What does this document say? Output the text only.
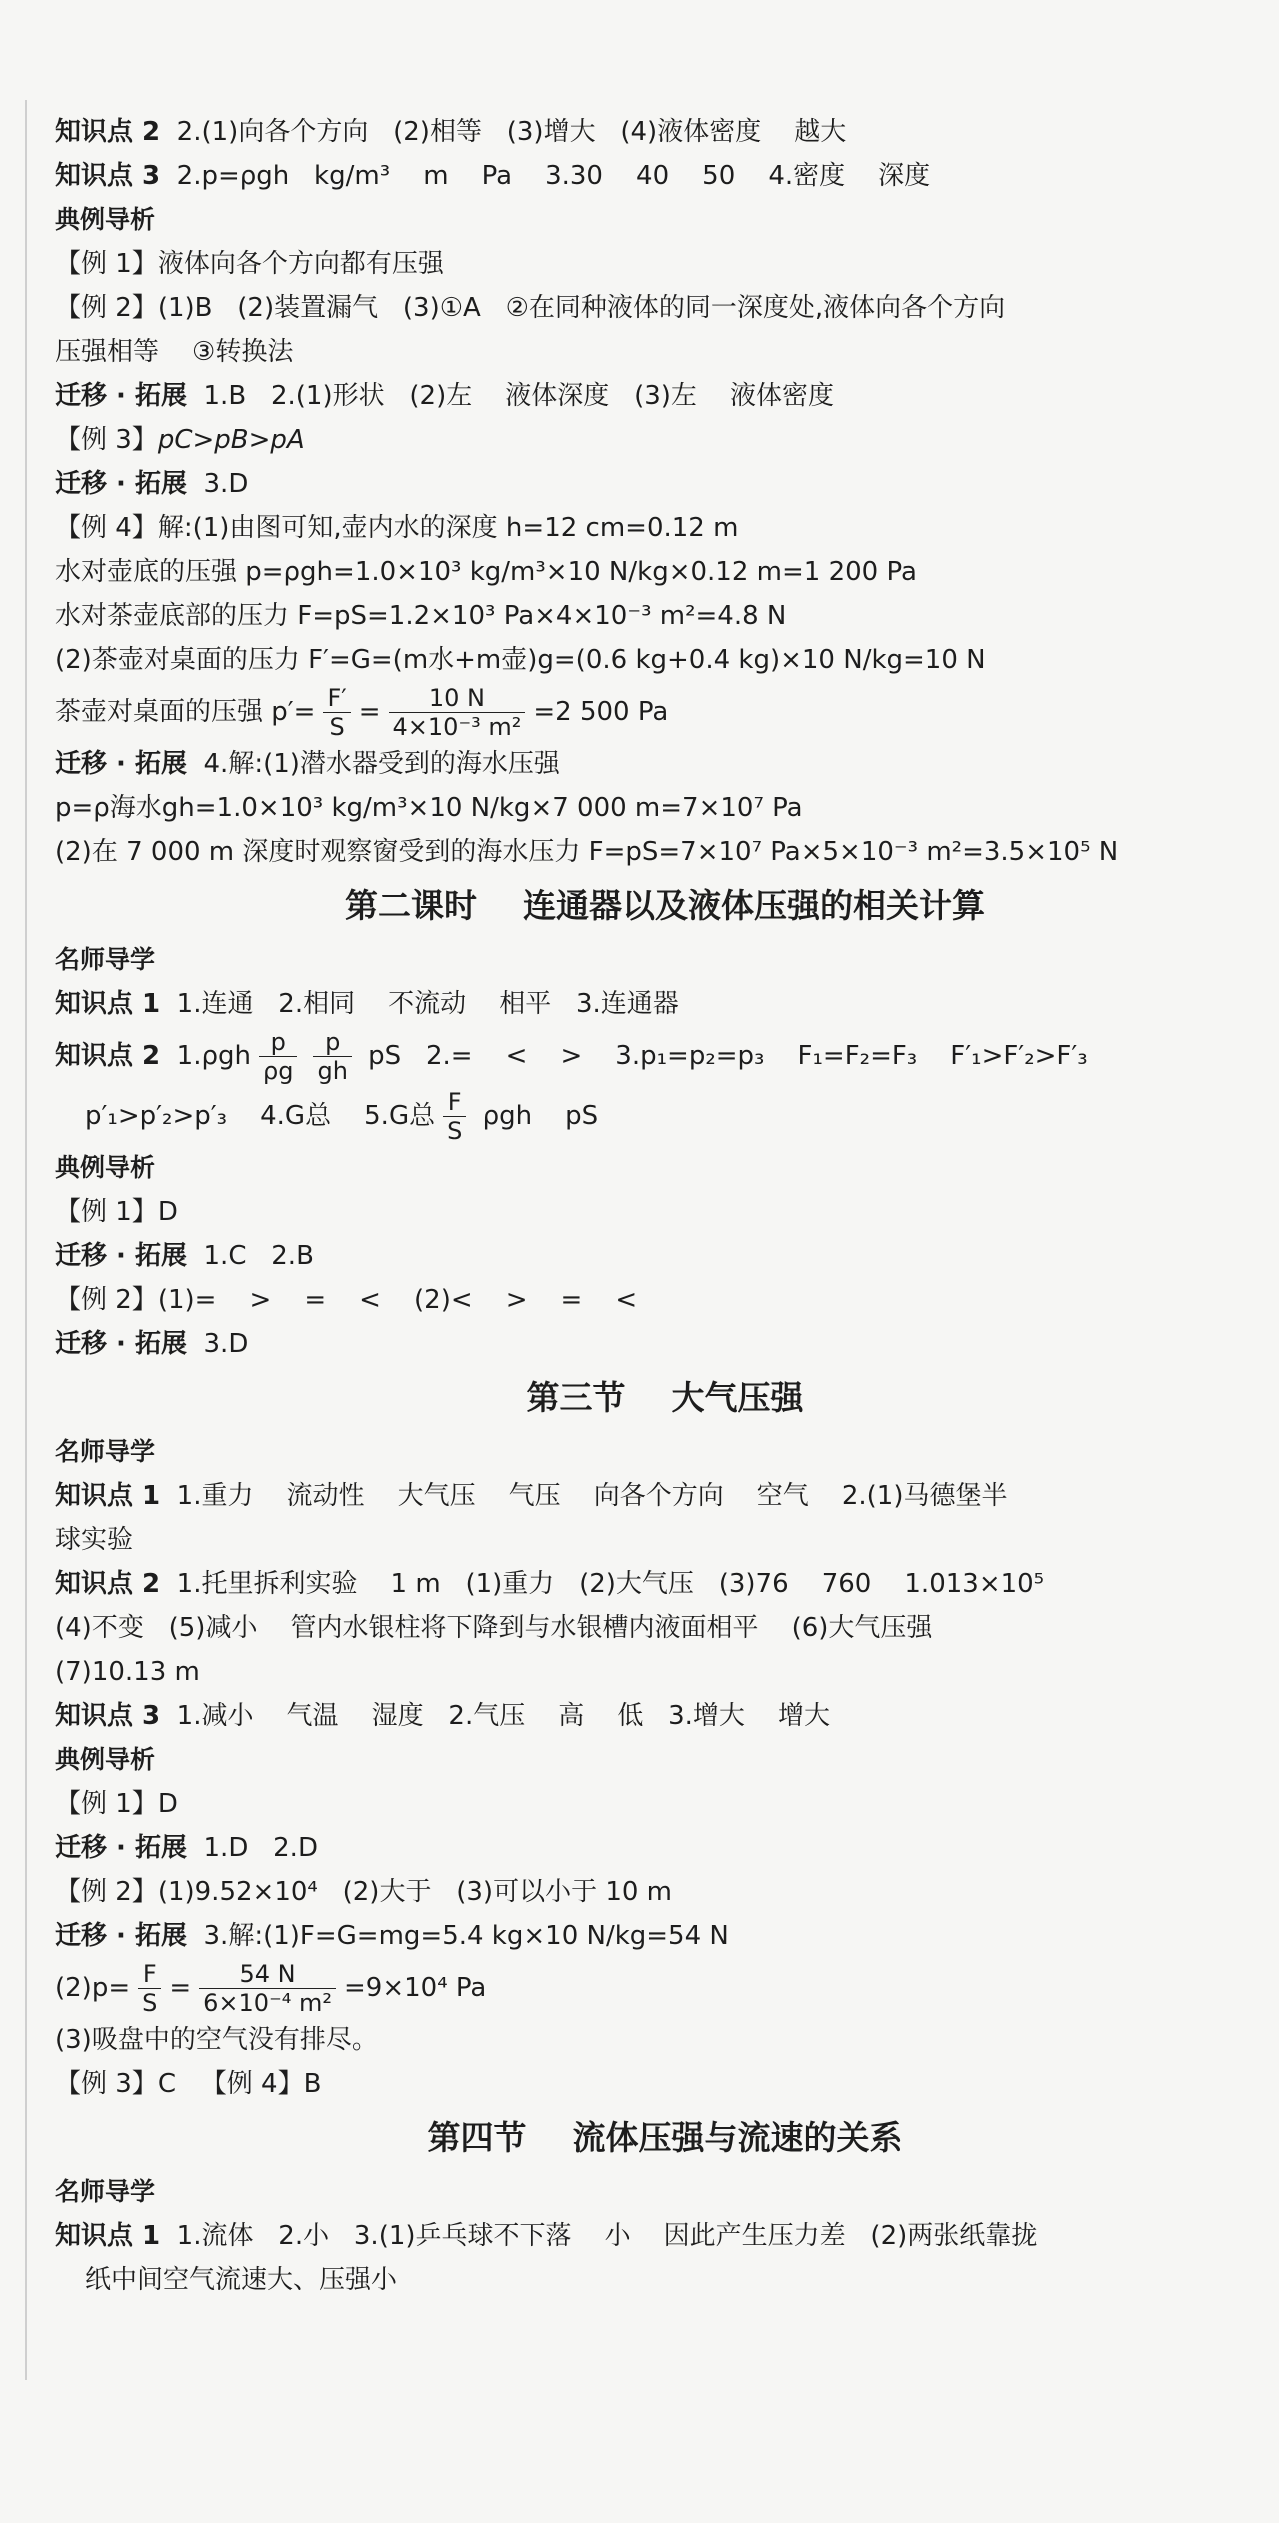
知识点 2  2.(1)向各个方向   (2)相等   (3)增大   (4)液体密度    越大
知识点 3  2.p=ρgh   kg/m³    m    Pa    3.30    40    50    4.密度    深度
典例导析
【例 1】液体向各个方向都有压强
【例 2】(1)B   (2)装置漏气   (3)①A   ②在同种液体的同一深度处,液体向各个方向
压强相等    ③转换法
迁移 · 拓展  1.B   2.(1)形状   (2)左    液体深度   (3)左    液体密度
【例 3】pC>pB>pA
迁移 · 拓展  3.D
【例 4】解:(1)由图可知,壶内水的深度 h=12 cm=0.12 m
水对壶底的压强 p=ρgh=1.0×10³ kg/m³×10 N/kg×0.12 m=1 200 Pa
水对茶壶底部的压力 F=pS=1.2×10³ Pa×4×10⁻³ m²=4.8 N
(2)茶壶对桌面的压力 F′=G=(m水+m壶)g=(0.6 kg+0.4 kg)×10 N/kg=10 N
茶壶对桌面的压强 $p'= \frac{F'}{S} = \frac{10 N}{\text{4×10⁻³ m²}} =2$ 500 Pa
迁移 · 拓展  4.解:(1)潜水器受到的海水压强
p=ρ海水gh=1.0×10³ kg/m³×10 N/kg×7 000 m=7×10⁷ Pa
(2)在 7 000 m 深度时观察窗受到的海水压力 F=pS=7×10⁷ Pa×5×10⁻³ m²=3.5×10⁵ N
第二课时    连通器以及液体压强的相关计算
名师导学
知识点 1  1.连通   2.相同    不流动    相平   3.连通器
知识点 2  $1.\rho gh \frac{p}{\rho g} \frac{p}{gh}$ pS   2.=    <    >    3.p₁=p₂=p₃    F₁=F₂=F₃    F′₁>F′₂>F′₃
p′₁>p′₂>p′₃    4.G总    5.G总 $\frac{F}{S}$ ρgh    pS
典例导析
【例 1】D
迁移 · 拓展  1.C   2.B
【例 2】(1)=    >    =    <    (2)<    >    =    <
迁移 · 拓展  3.D
第三节    大气压强
名师导学
知识点 1  1.重力    流动性    大气压    气压    向各个方向    空气    2.(1)马德堡半
球实验
知识点 2  1.托里拆利实验    1 m   (1)重力   (2)大气压   (3)76    760    1.013×10⁵
(4)不变   (5)减小    管内水银柱将下降到与水银槽内液面相平    (6)大气压强
(7)10.13 m
知识点 3  1.减小    气温    湿度   2.气压    高    低   3.增大    增大
典例导析
【例 1】D
迁移 · 拓展  1.D   2.D
【例 2】(1)9.52×10⁴   (2)大于   (3)可以小于 10 m
迁移 · 拓展  3.解:(1)F=G=mg=5.4 kg×10 N/kg=54 N
$(2)p= \frac{F}{S} = \frac{54 N}{\text{6×10⁻⁴ m²}} =9\times 10^4$ Pa
(3)吸盘中的空气没有排尽。
【例 3】C   【例 4】B
第四节    流体压强与流速的关系
名师导学
知识点 1  1.流体   2.小   3.(1)乒乓球不下落    小    因此产生压力差   (2)两张纸靠拢
纸中间空气流速大、压强小
